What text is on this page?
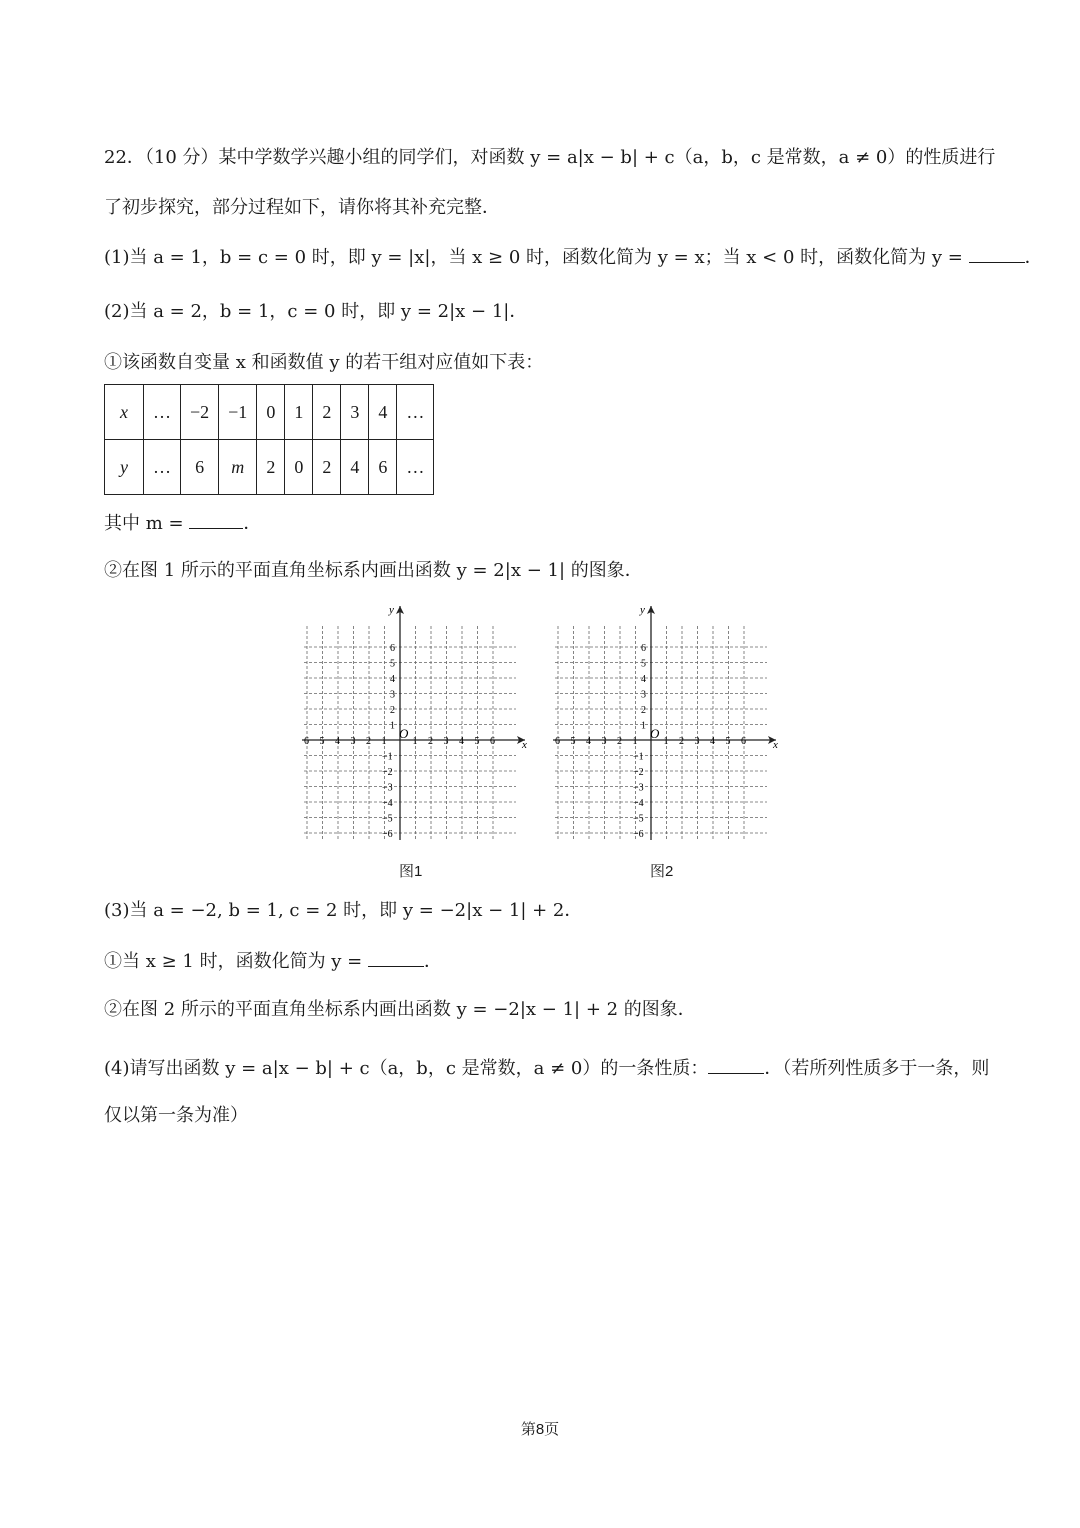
22．（10 分）某中学数学兴趣小组的同学们，对函数 y = a|x − b| + c（a，b，c 是常数，a ≠ 0）的性质进行
了初步探究，部分过程如下，请你将其补充完整．
(1)当 a = 1，b = c = 0 时，即 y = |x|，当 x ≥ 0 时，函数化简为 y = x；当 x < 0 时，函数化简为 y =	．
(2)当 a = 2，b = 1，c = 0 时，即 y = 2|x − 1|．
①该函数自变量 x 和函数值 y 的若干组对应值如下表：
x	…	−2	−1	0	1	2	3	4	…
y	…	6	m	2	0	2	4	6	…
其中 m =	．
②在图 1 所示的平面直角坐标系内画出函数 y = 2|x − 1| 的图象．
x
y
O
6 5 4 3 2 1	1 2 3 4 5 6
6
5
4
3
2
1
−1
−2
−3
−4
−5
−6
图1
x
y
O
6 5 4 3 2 1	1 2 3 4 5 6
6
5
4
3
2
1
−1
−2
−3
−4
−5
−6
图2
(3)当 a = −2, b = 1, c = 2 时，即 y = −2|x − 1| + 2．
①当 x ≥ 1 时，函数化简为 y =	．
②在图 2 所示的平面直角坐标系内画出函数 y = −2|x − 1| + 2 的图象．
(4)请写出函数 y = a|x − b| + c（a，b，c 是常数，a ≠ 0）的一条性质：	．（若所列性质多于一条，则
仅以第一条为准）
第8页
